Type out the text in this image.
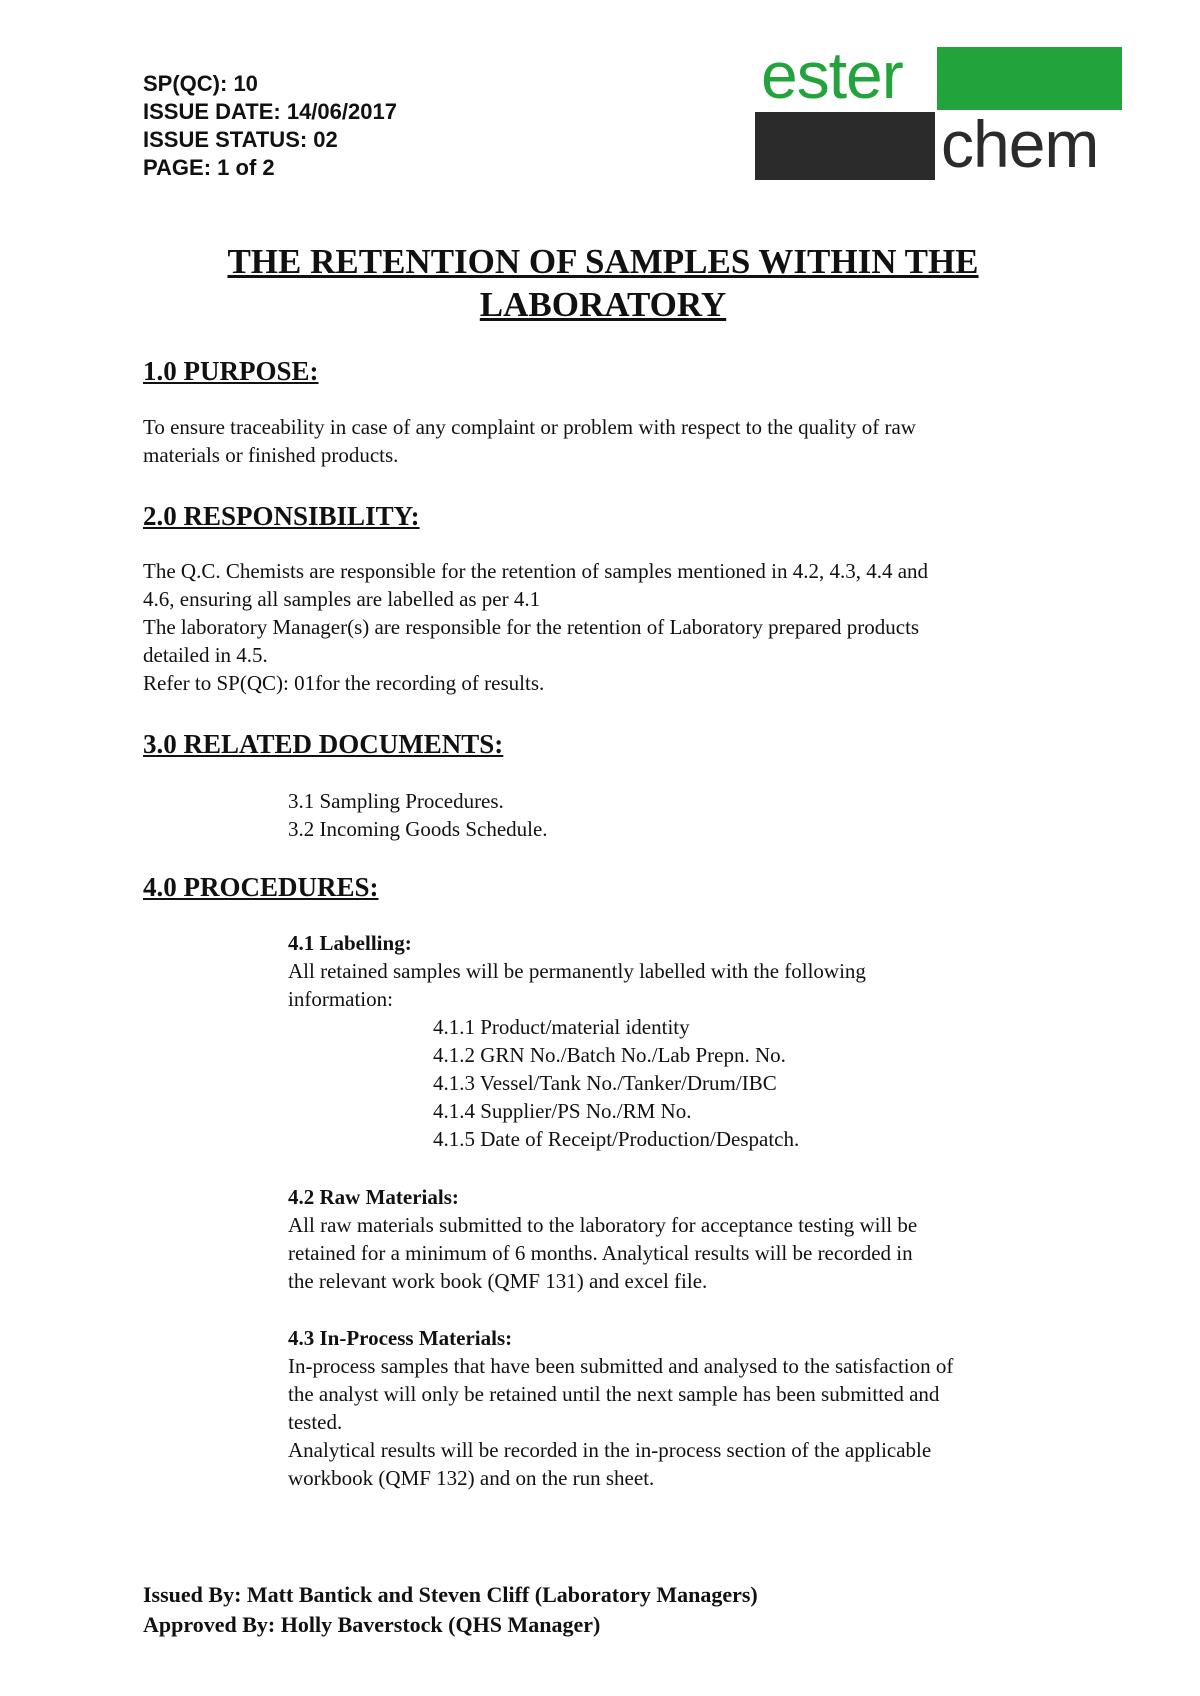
SP(QC): 10
ISSUE DATE: 14/06/2017
ISSUE STATUS: 02
PAGE: 1 of 2
ester
chem
THE RETENTION OF SAMPLES WITHIN THE
LABORATORY
1.0 PURPOSE:
To ensure traceability in case of any complaint or problem with respect to the quality of raw
materials or finished products.
2.0 RESPONSIBILITY:
The Q.C. Chemists are responsible for the retention of samples mentioned in 4.2, 4.3, 4.4 and
4.6, ensuring all samples are labelled as per 4.1
The laboratory Manager(s) are responsible for the retention of Laboratory prepared products
detailed in 4.5.
Refer to SP(QC): 01for the recording of results.
3.0 RELATED DOCUMENTS:
3.1 Sampling Procedures.
3.2 Incoming Goods Schedule.
4.0 PROCEDURES:
4.1 Labelling:
All retained samples will be permanently labelled with the following
information:
4.1.1 Product/material identity
4.1.2 GRN No./Batch No./Lab Prepn. No.
4.1.3 Vessel/Tank No./Tanker/Drum/IBC
4.1.4 Supplier/PS No./RM No.
4.1.5 Date of Receipt/Production/Despatch.
4.2 Raw Materials:
All raw materials submitted to the laboratory for acceptance testing will be
retained for a minimum of 6 months. Analytical results will be recorded in
the relevant work book (QMF 131) and excel file.
4.3 In-Process Materials:
In-process samples that have been submitted and analysed to the satisfaction of
the analyst will only be retained until the next sample has been submitted and
tested.
Analytical results will be recorded in the in-process section of the applicable
workbook (QMF 132) and on the run sheet.
Issued By: Matt Bantick and Steven Cliff (Laboratory Managers)
Approved By: Holly Baverstock (QHS Manager)
